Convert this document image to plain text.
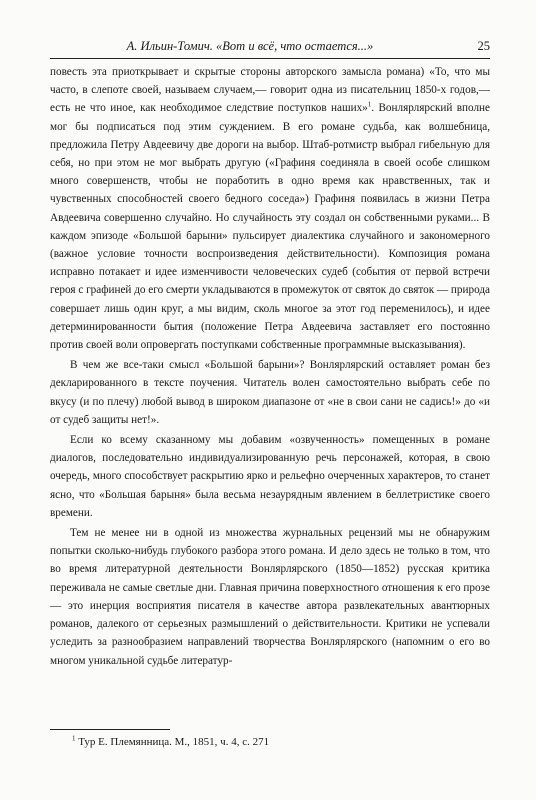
А. Ильин-Томич. «Вот и всё, что остается...»	25

повесть эта приоткрывает и скрытые стороны авторского замысла романа) «То, что мы часто, в слепоте своей, называем случаем,— говорит одна из писательниц 1850-х годов,— есть не что иное, как необходимое следствие поступков наших»$^1$. Вонлярлярский вполне мог бы подписаться под этим суждением. В его романе судьба, как волшебница, предложила Петру Авдеевичу две дороги на выбор. Штаб-ротмистр выбрал гибельную для себя, но при этом не мог выбрать другую («Графиня соединяла в своей особе слишком много совершенств, чтобы не поработить в одно время как нравственных, так и чувственных способностей своего бедного соседа») Графиня появилась в жизни Петра Авдеевича совершенно случайно. Но случайность эту создал он собственными руками... В каждом эпизоде «Большой барыни» пульсирует диалектика случайного и закономерного (важное условие точности воспроизведения действительности). Композиция романа исправно потакает и идее изменчивости человеческих судеб (события от первой встречи героя с графиней до его смерти укладываются в промежуток от святок до святок — природа совершает лишь один круг, а мы видим, сколь многое за этот год переменилось), и идее детерминированности бытия (положение Петра Авдеевича заставляет его постоянно против своей воли опровергать поступками собственные программные высказывания).

В чем же все-таки смысл «Большой барыни»? Вонлярлярский оставляет роман без декларированного в тексте поучения. Читатель волен самостоятельно выбрать себе по вкусу (и по плечу) любой вывод в широком диапазоне от «не в свои сани не садись!» до «и от судеб защиты нет!».

Если ко всему сказанному мы добавим «озвученность» помещенных в романе диалогов, последовательно индивидуализированную речь персонажей, которая, в свою очередь, много способствует раскрытию ярко и рельефно очерченных характеров, то станет ясно, что «Большая барыня» была весьма незаурядным явлением в беллетристике своего времени.

Тем не менее ни в одной из множества журнальных рецензий мы не обнаружим попытки сколько-нибудь глубокого разбора этого романа. И дело здесь не только в том, что во время литературной деятельности Вонлярлярского (1850—1852) русская критика переживала не самые светлые дни. Главная причина поверхностного отношения к его прозе — это инерция восприятия писателя в качестве автора развлекательных авантюрных романов, далекого от серьезных размышлений о действительности. Критики не успевали уследить за разнообразием направлений творчества Вонлярлярского (напомним о его во многом уникальной судьбе литератур-

$^1$ Тур Е. Племянница. М., 1851, ч. 4, с. 271
